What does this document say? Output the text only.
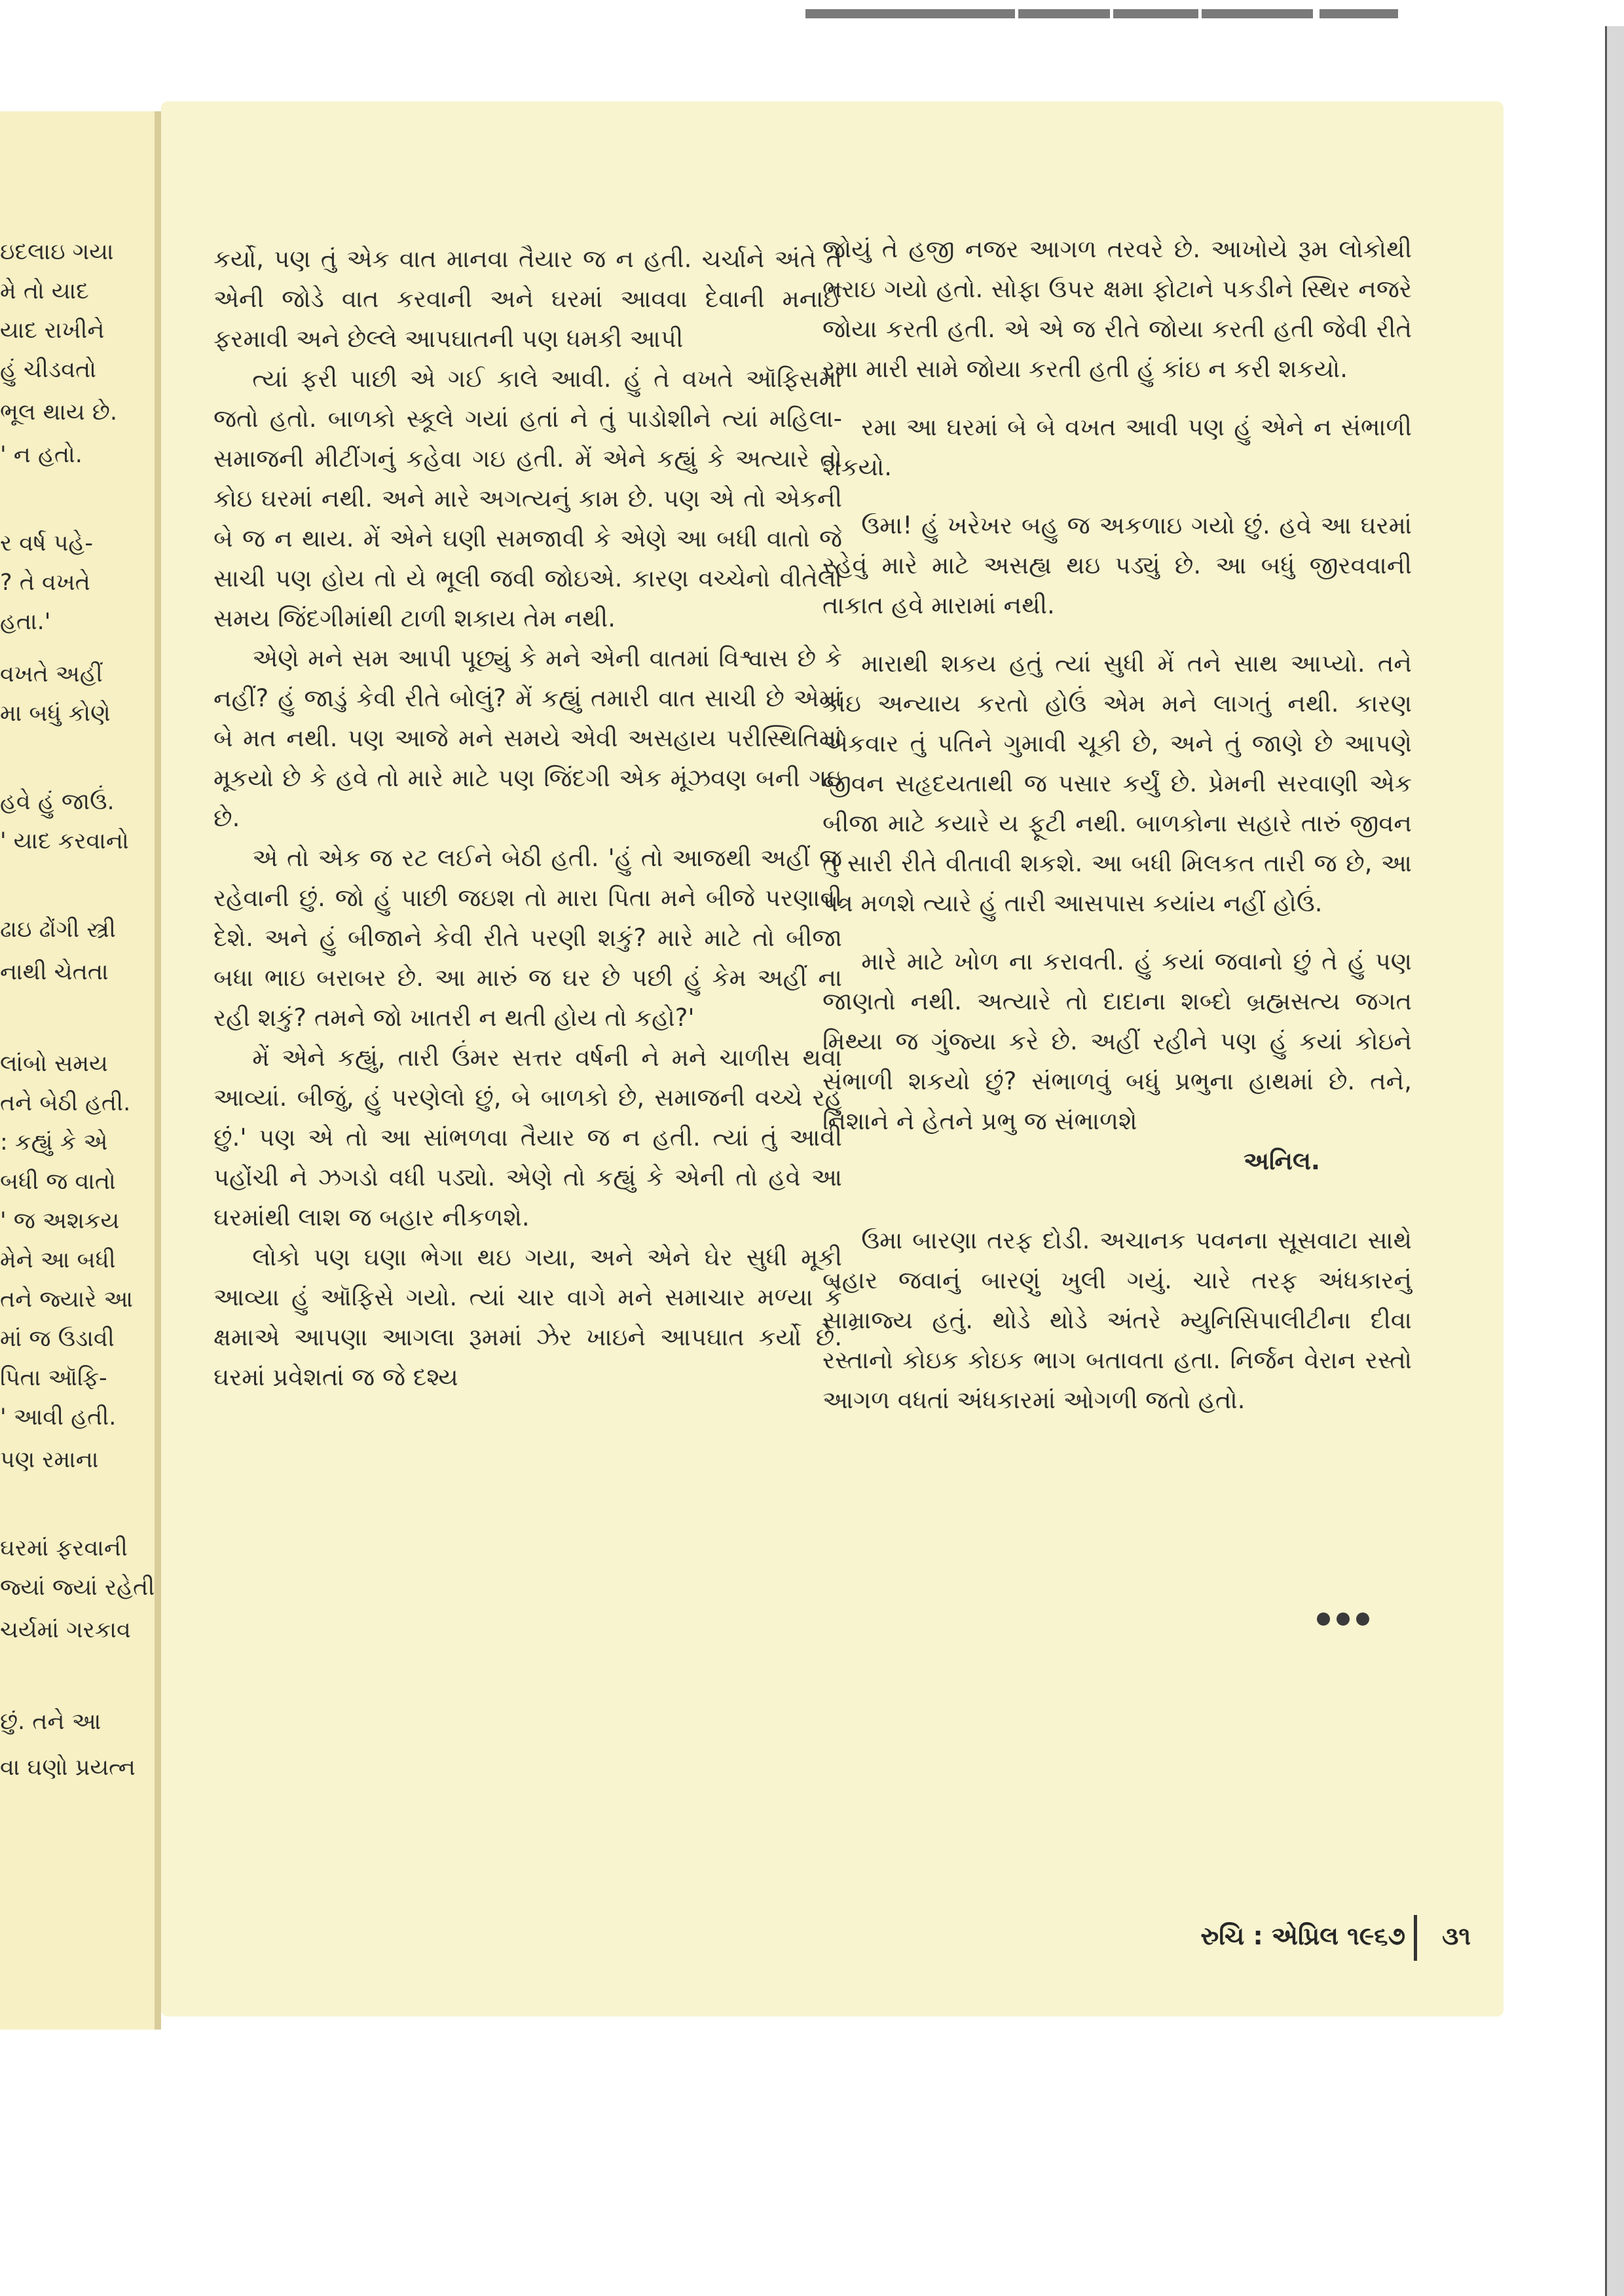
ઇદલાઇ ગયા
મે તો યાદ
યાદ રાખીને
હું ચીડવતો
ભૂલ થાય છે.
' ન હતો.
ર વર્ષ પહે-
? તે વખતે
હતા.'
વખતે અહીં
મા બધું કોણે
હવે હું જાઉં.
' યાદ કરવાનો
ઢાઇ ઢોંગી સ્ત્રી
નાથી ચેતતા
લાંબો સમય
તને બેઠી હતી.
: કહ્યું કે એ
બધી જ વાતો
' જ અશકય
મેને આ બધી
તને જ્યારે આ
માં જ ઉડાવી
પિતા ઑફિ-
' આવી હતી.
પણ રમાના
ઘરમાં ફરવાની
જ્યાં જ્યાં રહેતી
ચર્યમાં ગરકાવ
છું. તને આ
વા ઘણો પ્રયત્ન

કર્યો, પણ તું એક વાત માનવા તૈયાર જ ન હતી. ચર્ચાને અંતે તે એની જોડે વાત કરવાની અને ઘરમાં આવવા દેવાની મનાઈ ફરમાવી અને છેલ્લે આપઘાતની પણ ધમકી આપી

ત્યાં ફરી પાછી એ ગઈ કાલે આવી. હું તે વખતે ઑફિસમાં જતો હતો. બાળકો સ્કૂલે ગયાં હતાં ને તું પાડોશીને ત્યાં મહિલા-સમાજની મીટીંગનું કહેવા ગઇ હતી. મેં એને કહ્યું કે અત્યારે તો કોઇ ઘરમાં નથી. અને મારે અગત્યનું કામ છે. પણ એ તો એકની બે જ ન થાય. મેં એને ઘણી સમજાવી કે એણે આ બધી વાતો જે સાચી પણ હોય તો યે ભૂલી જવી જોઇએ. કારણ વચ્ચેનો વીતેલો સમય જિંદગીમાંથી ટાળી શકાય તેમ નથી.

એણે મને સમ આપી પૂછ્યું કે મને એની વાતમાં વિશ્વાસ છે કે નહીં? હું જાડું કેવી રીતે બોલું? મેં કહ્યું તમારી વાત સાચી છે એમાં બે મત નથી. પણ આજે મને સમયે એવી અસહાય પરીસ્થિતિમાં મૂકયો છે કે હવે તો મારે માટે પણ જિંદગી એક મૂંઝવણ બની ગઇ છે.

એ તો એક જ રટ લઈને બેઠી હતી. 'હું તો આજથી અહીં જ રહેવાની છું. જો હું પાછી જઇશ તો મારા પિતા મને બીજે પરણાવી દેશે. અને હું બીજાને કેવી રીતે પરણી શકું? મારે માટે તો બીજા બધા ભાઇ બરાબર છે. આ મારું જ ઘર છે પછી હું કેમ અહીં ના રહી શકું? તમને જો ખાતરી ન થતી હોય તો કહો?'

મેં એને કહ્યું, તારી ઉંમર સત્તર વર્ષની ને મને ચાળીસ થવા આવ્યાં. બીજું, હું પરણેલો છું, બે બાળકો છે, સમાજની વચ્ચે રહું છું.' પણ એ તો આ સાંભળવા તૈયાર જ ન હતી. ત્યાં તું આવી પહોંચી ને ઝગડો વધી પડ્યો. એણે તો કહ્યું કે એની તો હવે આ ઘરમાંથી લાશ જ બહાર નીકળશે.

લોકો પણ ઘણા ભેગા થઇ ગયા, અને એને ઘેર સુધી મૂકી આવ્યા હું ઑફિસે ગયો. ત્યાં ચાર વાગે મને સમાચાર મળ્યા કે ક્ષમાએ આપણા આગલા રૂમમાં ઝેર ખાઇને આપઘાત કર્યો છે. ઘરમાં પ્રવેશતાં જ જે દશ્ય

જોયું તે હજી નજર આગળ તરવરે છે. આખોયે રૂમ લોકોથી ભરાઇ ગયો હતો. સોફા ઉપર ક્ષમા ફોટાને પકડીને સ્થિર નજરે જોયા કરતી હતી. એ એ જ રીતે જોયા કરતી હતી જેવી રીતે રમા મારી સામે જોયા કરતી હતી હું કાંઇ ન કરી શકયો.

રમા આ ઘરમાં બે બે વખત આવી પણ હું એને ન સંભાળી શકયો.

ઉમા! હું ખરેખર બહુ જ અકળાઇ ગયો છું. હવે આ ઘરમાં રહેવું મારે માટે અસહ્ય થઇ પડ્યું છે. આ બધું જીરવવાની તાકાત હવે મારામાં નથી.

મારાથી શકય હતું ત્યાં સુધી મેં તને સાથ આપ્યો. તને કાંઇ અન્યાય કરતો હોઉં એમ મને લાગતું નથી. કારણ એકવાર તું પતિને ગુમાવી ચૂકી છે, અને તું જાણે છે આપણે જીવન સહૃદયતાથી જ પસાર કર્યું છે. પ્રેમની સરવાણી એક બીજા માટે કયારે ય ફૂટી નથી. બાળકોના સહારે તારું જીવન તું સારી રીતે વીતાવી શકશે. આ બધી મિલકત તારી જ છે, આ પત્ર મળશે ત્યારે હું તારી આસપાસ કયાંય નહીં હોઉં.

મારે માટે ખોળ ના કરાવતી. હું કયાં જવાનો છું તે હું પણ જાણતો નથી. અત્યારે તો દાદાના શબ્દો બ્રહ્મસત્ય જગત મિથ્યા જ ગુંજ્યા કરે છે. અહીં રહીને પણ હું કયાં કોઇને સંભાળી શકયો છું? સંભાળવું બધું પ્રભુના હાથમાં છે. તને, નિશાને ને હેતને પ્રભુ જ સંભાળશે

અનિલ.

ઉમા બારણા તરફ દોડી. અચાનક પવનના સૂસવાટા સાથે બહાર જવાનું બારણું ખુલી ગયું. ચારે તરફ અંધકારનું સામ્રાજ્ય હતું. થોડે થોડે અંતરે મ્યુનિસિપાલીટીના દીવા રસ્તાનો કોઇક કોઇક ભાગ બતાવતા હતા. નિર્જન વેરાન રસ્તો આગળ વધતાં અંધકારમાં ઓગળી જતો હતો.

રુચિ : એપ્રિલ ૧૯૬૭ ૩૧
